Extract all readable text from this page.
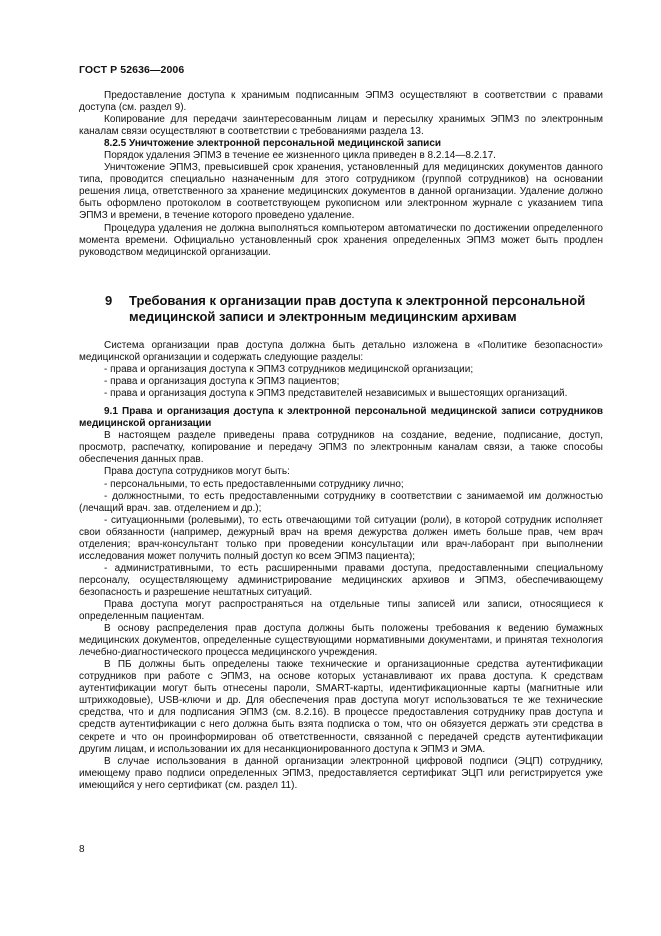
ГОСТ Р 52636—2006

Предоставление доступа к хранимым подписанным ЭПМЗ осуществляют в соответствии с правами доступа (см. раздел 9).

Копирование для передачи заинтересованным лицам и пересылку хранимых ЭПМЗ по электронным каналам связи осуществляют в соответствии с требованиями раздела 13.

8.2.5 Уничтожение электронной персональной медицинской записи

Порядок удаления ЭПМЗ в течение ее жизненного цикла приведен в 8.2.14—8.2.17.

Уничтожение ЭПМЗ, превысившей срок хранения, установленный для медицинских документов данного типа, проводится специально назначенным для этого сотрудником (группой сотрудников) на основании решения лица, ответственного за хранение медицинских документов в данной организации. Удаление должно быть оформлено протоколом в соответствующем рукописном или электронном журнале с указанием типа ЭПМЗ и времени, в течение которого проведено удаление.

Процедура удаления не должна выполняться компьютером автоматически по достижении определенного момента времени. Официально установленный срок хранения определенных ЭПМЗ может быть продлен руководством медицинской организации.

9 Требования к организации прав доступа к электронной персональной
медицинской записи и электронным медицинским архивам

Система организации прав доступа должна быть детально изложена в «Политике безопасности» медицинской организации и содержать следующие разделы:

- права и организация доступа к ЭПМЗ сотрудников медицинской организации;

- права и организация доступа к ЭПМЗ пациентов;

- права и организация доступа к ЭПМЗ представителей независимых и вышестоящих организаций.

9.1 Права и организация доступа к электронной персональной медицинской записи сотрудников медицинской организации

В настоящем разделе приведены права сотрудников на создание, ведение, подписание, доступ, просмотр, распечатку, копирование и передачу ЭПМЗ по электронным каналам связи, а также способы обеспечения данных прав.

Права доступа сотрудников могут быть:

- персональными, то есть предоставленными сотруднику лично;

- должностными, то есть предоставленными сотруднику в соответствии с занимаемой им должностью (лечащий врач. зав. отделением и др.);

- ситуационными (ролевыми), то есть отвечающими той ситуации (роли), в которой сотрудник исполняет свои обязанности (например, дежурный врач на время дежурства должен иметь больше прав, чем врач отделения; врач-консультант только при проведении консультации или врач-лаборант при выполнении исследования может получить полный доступ ко всем ЭПМЗ пациента);

- административными, то есть расширенными правами доступа, предоставленными специальному персоналу, осуществляющему администрирование медицинских архивов и ЭПМЗ, обеспечивающему безопасность и разрешение нештатных ситуаций.

Права доступа могут распространяться на отдельные типы записей или записи, относящиеся к определенным пациентам.

В основу распределения прав доступа должны быть положены требования к ведению бумажных медицинских документов, определенные существующими нормативными документами, и принятая технология лечебно-диагностического процесса медицинского учреждения.

В ПБ должны быть определены также технические и организационные средства аутентификации сотрудников при работе с ЭПМЗ, на основе которых устанавливают их права доступа. К средствам аутентификации могут быть отнесены пароли, SMART-карты, идентификационные карты (магнитные или штрихкодовые), USB-ключи и др. Для обеспечения прав доступа могут использоваться те же технические средства, что и для подписания ЭПМЗ (см. 8.2.16). В процессе предоставления сотруднику прав доступа и средств аутентификации с него должна быть взята подписка о том, что он обязуется держать эти средства в секрете и что он проинформирован об ответственности, связанной с передачей средств аутентификации другим лицам, и использовании их для несанкционированного доступа к ЭПМЗ и ЭМА.

В случае использования в данной организации электронной цифровой подписи (ЭЦП) сотруднику, имеющему право подписи определенных ЭПМЗ, предоставляется сертификат ЭЦП или регистрируется уже имеющийся у него сертификат (см. раздел 11).

8
